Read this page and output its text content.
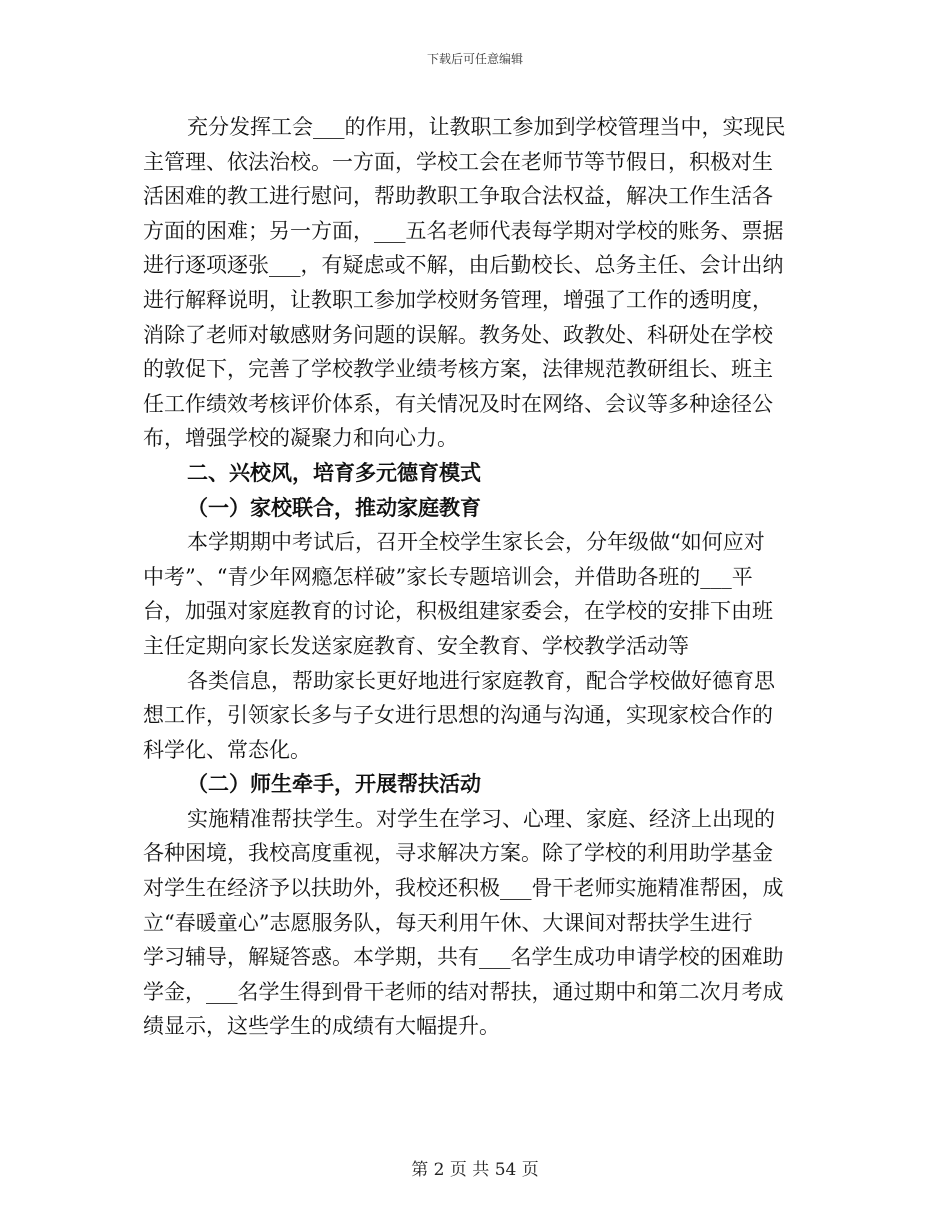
下载后可任意编辑
充分发挥工会___的作用，让教职工参加到学校管理当中，实现民
主管理、依法治校。一方面，学校工会在老师节等节假日，积极对生
活困难的教工进行慰问，帮助教职工争取合法权益，解决工作生活各
方面的困难；另一方面，___五名老师代表每学期对学校的账务、票据
进行逐项逐张___，有疑虑或不解，由后勤校长、总务主任、会计出纳
进行解释说明，让教职工参加学校财务管理，增强了工作的透明度，
消除了老师对敏感财务问题的误解。教务处、政教处、科研处在学校
的敦促下，完善了学校教学业绩考核方案，法律规范教研组长、班主
任工作绩效考核评价体系，有关情况及时在网络、会议等多种途径公
布，增强学校的凝聚力和向心力。
二、兴校风，培育多元德育模式
（一）家校联合，推动家庭教育
本学期期中考试后，召开全校学生家长会，分年级做“如何应对
中考”、“青少年网瘾怎样破”家长专题培训会，并借助各班的___平
台，加强对家庭教育的讨论，积极组建家委会，在学校的安排下由班
主任定期向家长发送家庭教育、安全教育、学校教学活动等
各类信息，帮助家长更好地进行家庭教育，配合学校做好德育思
想工作，引领家长多与子女进行思想的沟通与沟通，实现家校合作的
科学化、常态化。
（二）师生牵手，开展帮扶活动
实施精准帮扶学生。对学生在学习、心理、家庭、经济上出现的
各种困境，我校高度重视，寻求解决方案。除了学校的利用助学基金
对学生在经济予以扶助外，我校还积极___骨干老师实施精准帮困，成
立“春暖童心”志愿服务队，每天利用午休、大课间对帮扶学生进行
学习辅导，解疑答惑。本学期，共有___名学生成功申请学校的困难助
学金，___名学生得到骨干老师的结对帮扶，通过期中和第二次月考成
绩显示，这些学生的成绩有大幅提升。
第 2 页 共 54 页
